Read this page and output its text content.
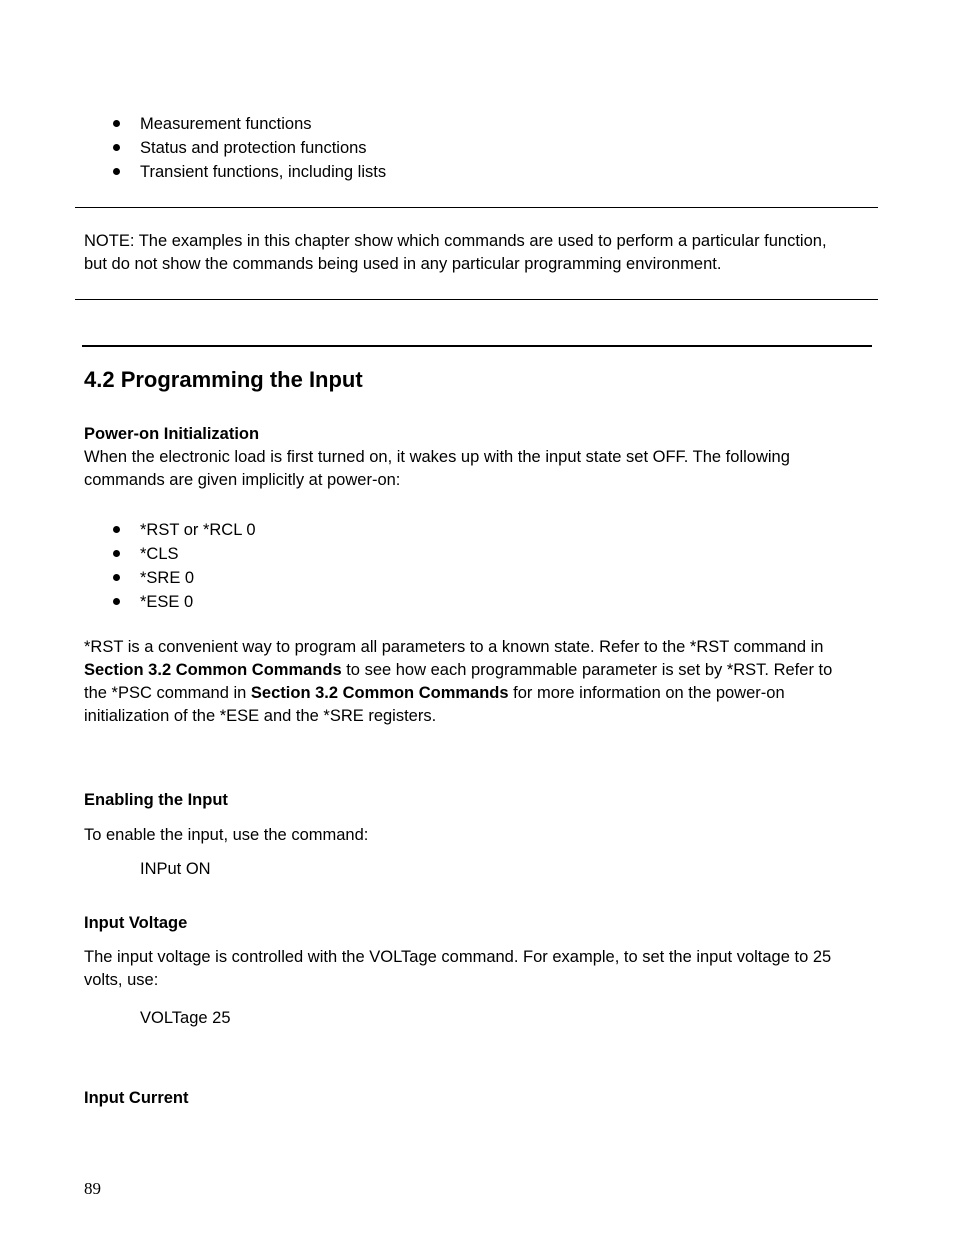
Measurement functions
Status and protection functions
Transient functions, including lists

NOTE: The examples in this chapter show which commands are used to perform a particular function,

but do not show the commands being used in any particular programming environment.

4.2 Programming the Input
Power-on Initialization

When the electronic load is first turned on, it wakes up with the input state set OFF. The following

commands are given implicitly at power-on:

*RST or *RCL 0
*CLS
*SRE 0
*ESE 0

*RST is a convenient way to program all parameters to a known state. Refer to the *RST command in

Section 3.2 Common Commands to see how each programmable parameter is set by *RST. Refer to

the *PSC command in Section 3.2 Common Commands for more information on the power-on

initialization of the *ESE and the *SRE registers.

Enabling the Input
To enable the input, use the command:
INPut ON
Input Voltage

The input voltage is controlled with the VOLTage command. For example, to set the input voltage to 25

volts, use:

VOLTage 25
Input Current
89
